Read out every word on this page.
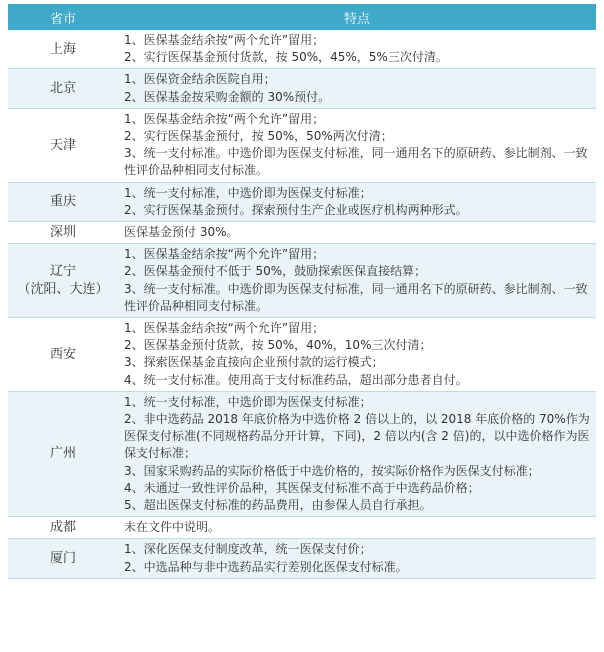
省市	特点

上海	1、医保基金结余按“两个允许”留用；
2、实行医保基金预付货款，按 50%，45%，5%三次付清。

北京	1、医保资金结余医院自用；
2、医保基金按采购金额的 30%预付。

天津	1、医保基金结余按“两个允许”留用；
2、实行医保基金预付，按 50%，50%两次付清；
3、统一支付标准。中选价即为医保支付标准，同一通用名下的原研药、参比制剂、一致性评价品种相同支付标准。

重庆	1、统一支付标准，中选价即为医保支付标准；
2、实行医保基金预付。探索预付生产企业或医疗机构两种形式。

深圳	医保基金预付 30%。

辽宁
（沈阳、大连）	1、医保基金结余按“两个允许”留用；
2、医保基金预付不低于 50%，鼓励探索医保直接结算；
3、统一支付标准。中选价即为医保支付标准，同一通用名下的原研药、参比制剂、一致性评价品种相同支付标准。

西安	1、医保基金结余按“两个允许”留用；
2、医保基金预付货款，按 50%，40%，10%三次付清；
3、探索医保基金直接向企业预付款的运行模式；
4、统一支付标准。使用高于支付标准药品，超出部分患者自付。

广州	1、统一支付标准，中选价即为医保支付标准；
2、非中选药品 2018 年底价格为中选价格 2 倍以上的，以 2018 年底价格的 70%作为医保支付标准(不同规格药品分开计算，下同)，2 倍以内(含 2 倍)的，以中选价格作为医保支付标准；
3、国家采购药品的实际价格低于中选价格的，按实际价格作为医保支付标准；
4、未通过一致性评价品种，其医保支付标准不高于中选药品价格；
5、超出医保支付标准的药品费用，由参保人员自行承担。

成都	未在文件中说明。

厦门	1、深化医保支付制度改革，统一医保支付价；
2、中选品种与非中选药品实行差别化医保支付标准。
